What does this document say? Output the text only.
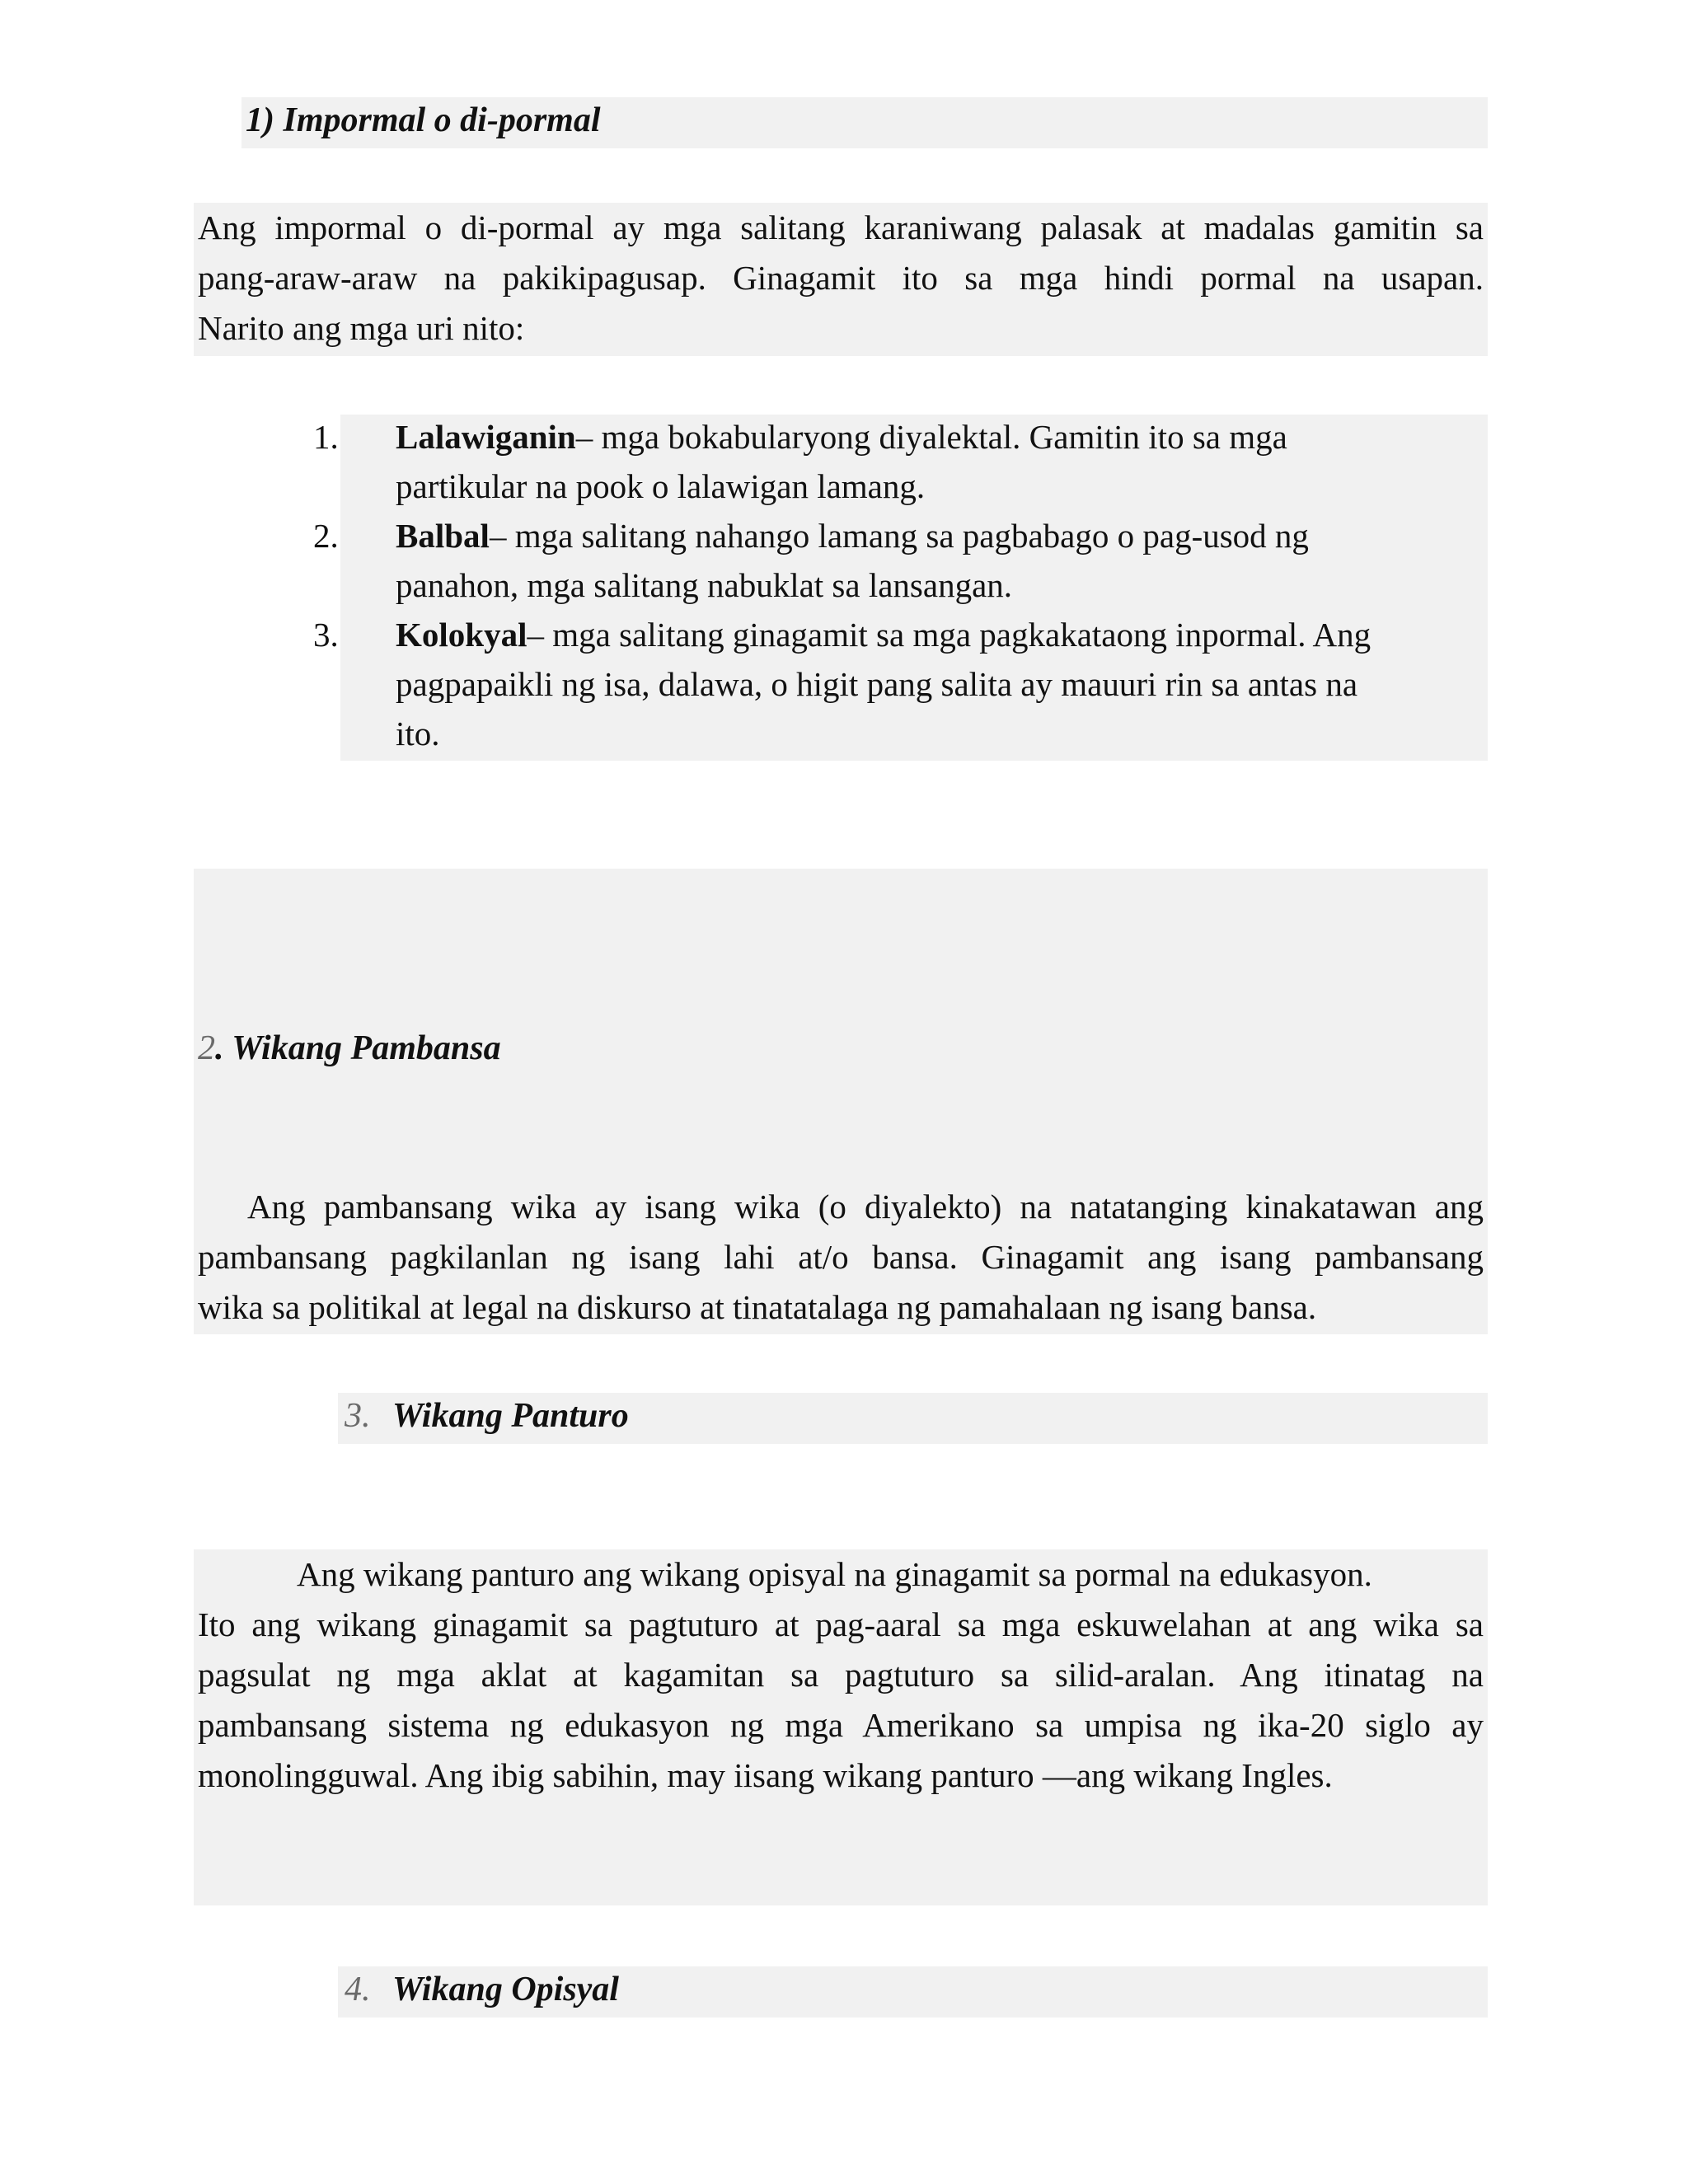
1) Impormal o di-pormal
Ang impormal o di-pormal ay mga salitang karaniwang palasak at madalas gamitin sa
pang-araw-araw na pakikipagusap. Ginagamit ito sa mga hindi pormal na usapan.
Narito ang mga uri nito:
1. Lalawiganin– mga bokabularyong diyalektal. Gamitin ito sa mga
partikular na pook o lalawigan lamang.
2. Balbal– mga salitang nahango lamang sa pagbabago o pag-usod ng
panahon, mga salitang nabuklat sa lansangan.
3. Kolokyal– mga salitang ginagamit sa mga pagkakataong inpormal. Ang
pagpapaikli ng isa, dalawa, o higit pang salita ay mauuri rin sa antas na
ito.
2. Wikang Pambansa
Ang pambansang wika ay isang wika (o diyalekto) na natatanging kinakatawan ang
pambansang pagkilanlan ng isang lahi at/o bansa. Ginagamit ang isang pambansang
wika sa politikal at legal na diskurso at tinatatalaga ng pamahalaan ng isang bansa.
3. Wikang Panturo
Ang wikang panturo ang wikang opisyal na ginagamit sa pormal na edukasyon.
Ito ang wikang ginagamit sa pagtuturo at pag-aaral sa mga eskuwelahan at ang wika sa
pagsulat ng mga aklat at kagamitan sa pagtuturo sa silid-aralan. Ang itinatag na
pambansang sistema ng edukasyon ng mga Amerikano sa umpisa ng ika-20 siglo ay
monolingguwal. Ang ibig sabihin, may iisang wikang panturo —ang wikang Ingles.
4. Wikang Opisyal
